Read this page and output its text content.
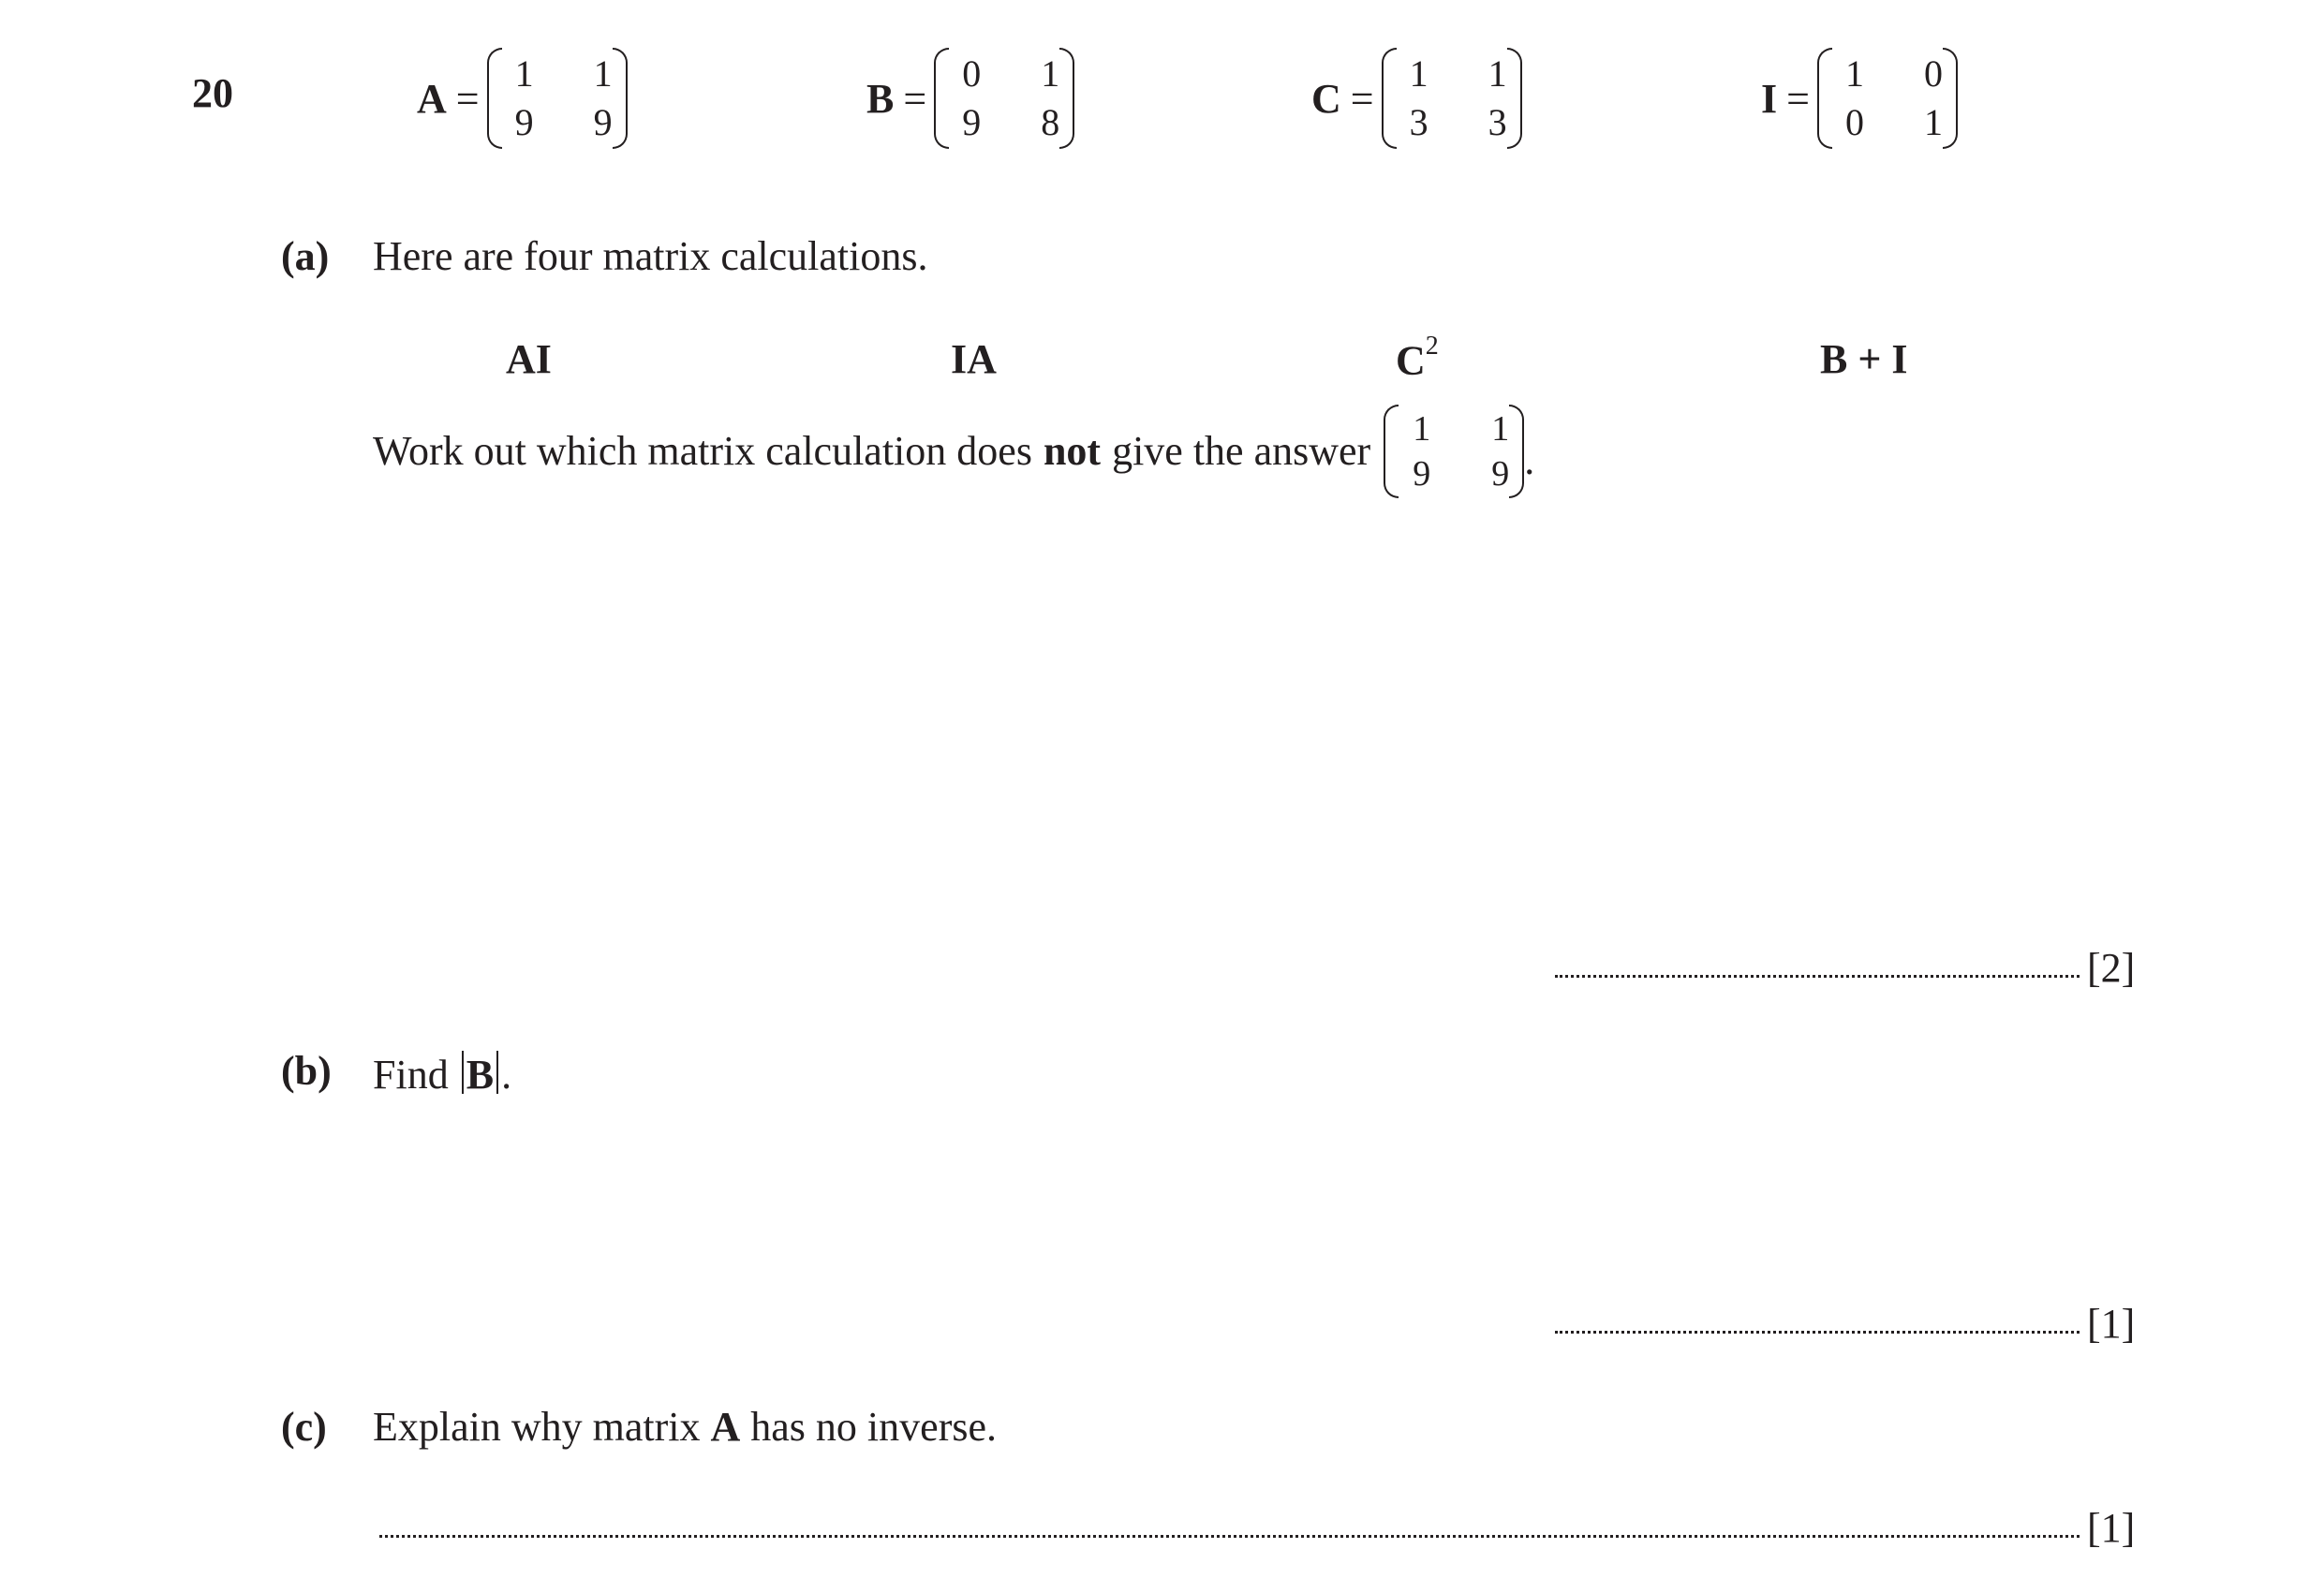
20	A =
1	1
9	9
B =
0	1
9	8
C =
1	1
3	3
I =
1	0
0	1
(a) Here are four matrix calculations.
AI	IA	$C^2$	B + I
Work out which matrix calculation does not give the answer	1	1
9	9 .
[2]
(b) Find B .
[1]
(c) Explain why matrix A has no inverse.
[1]
